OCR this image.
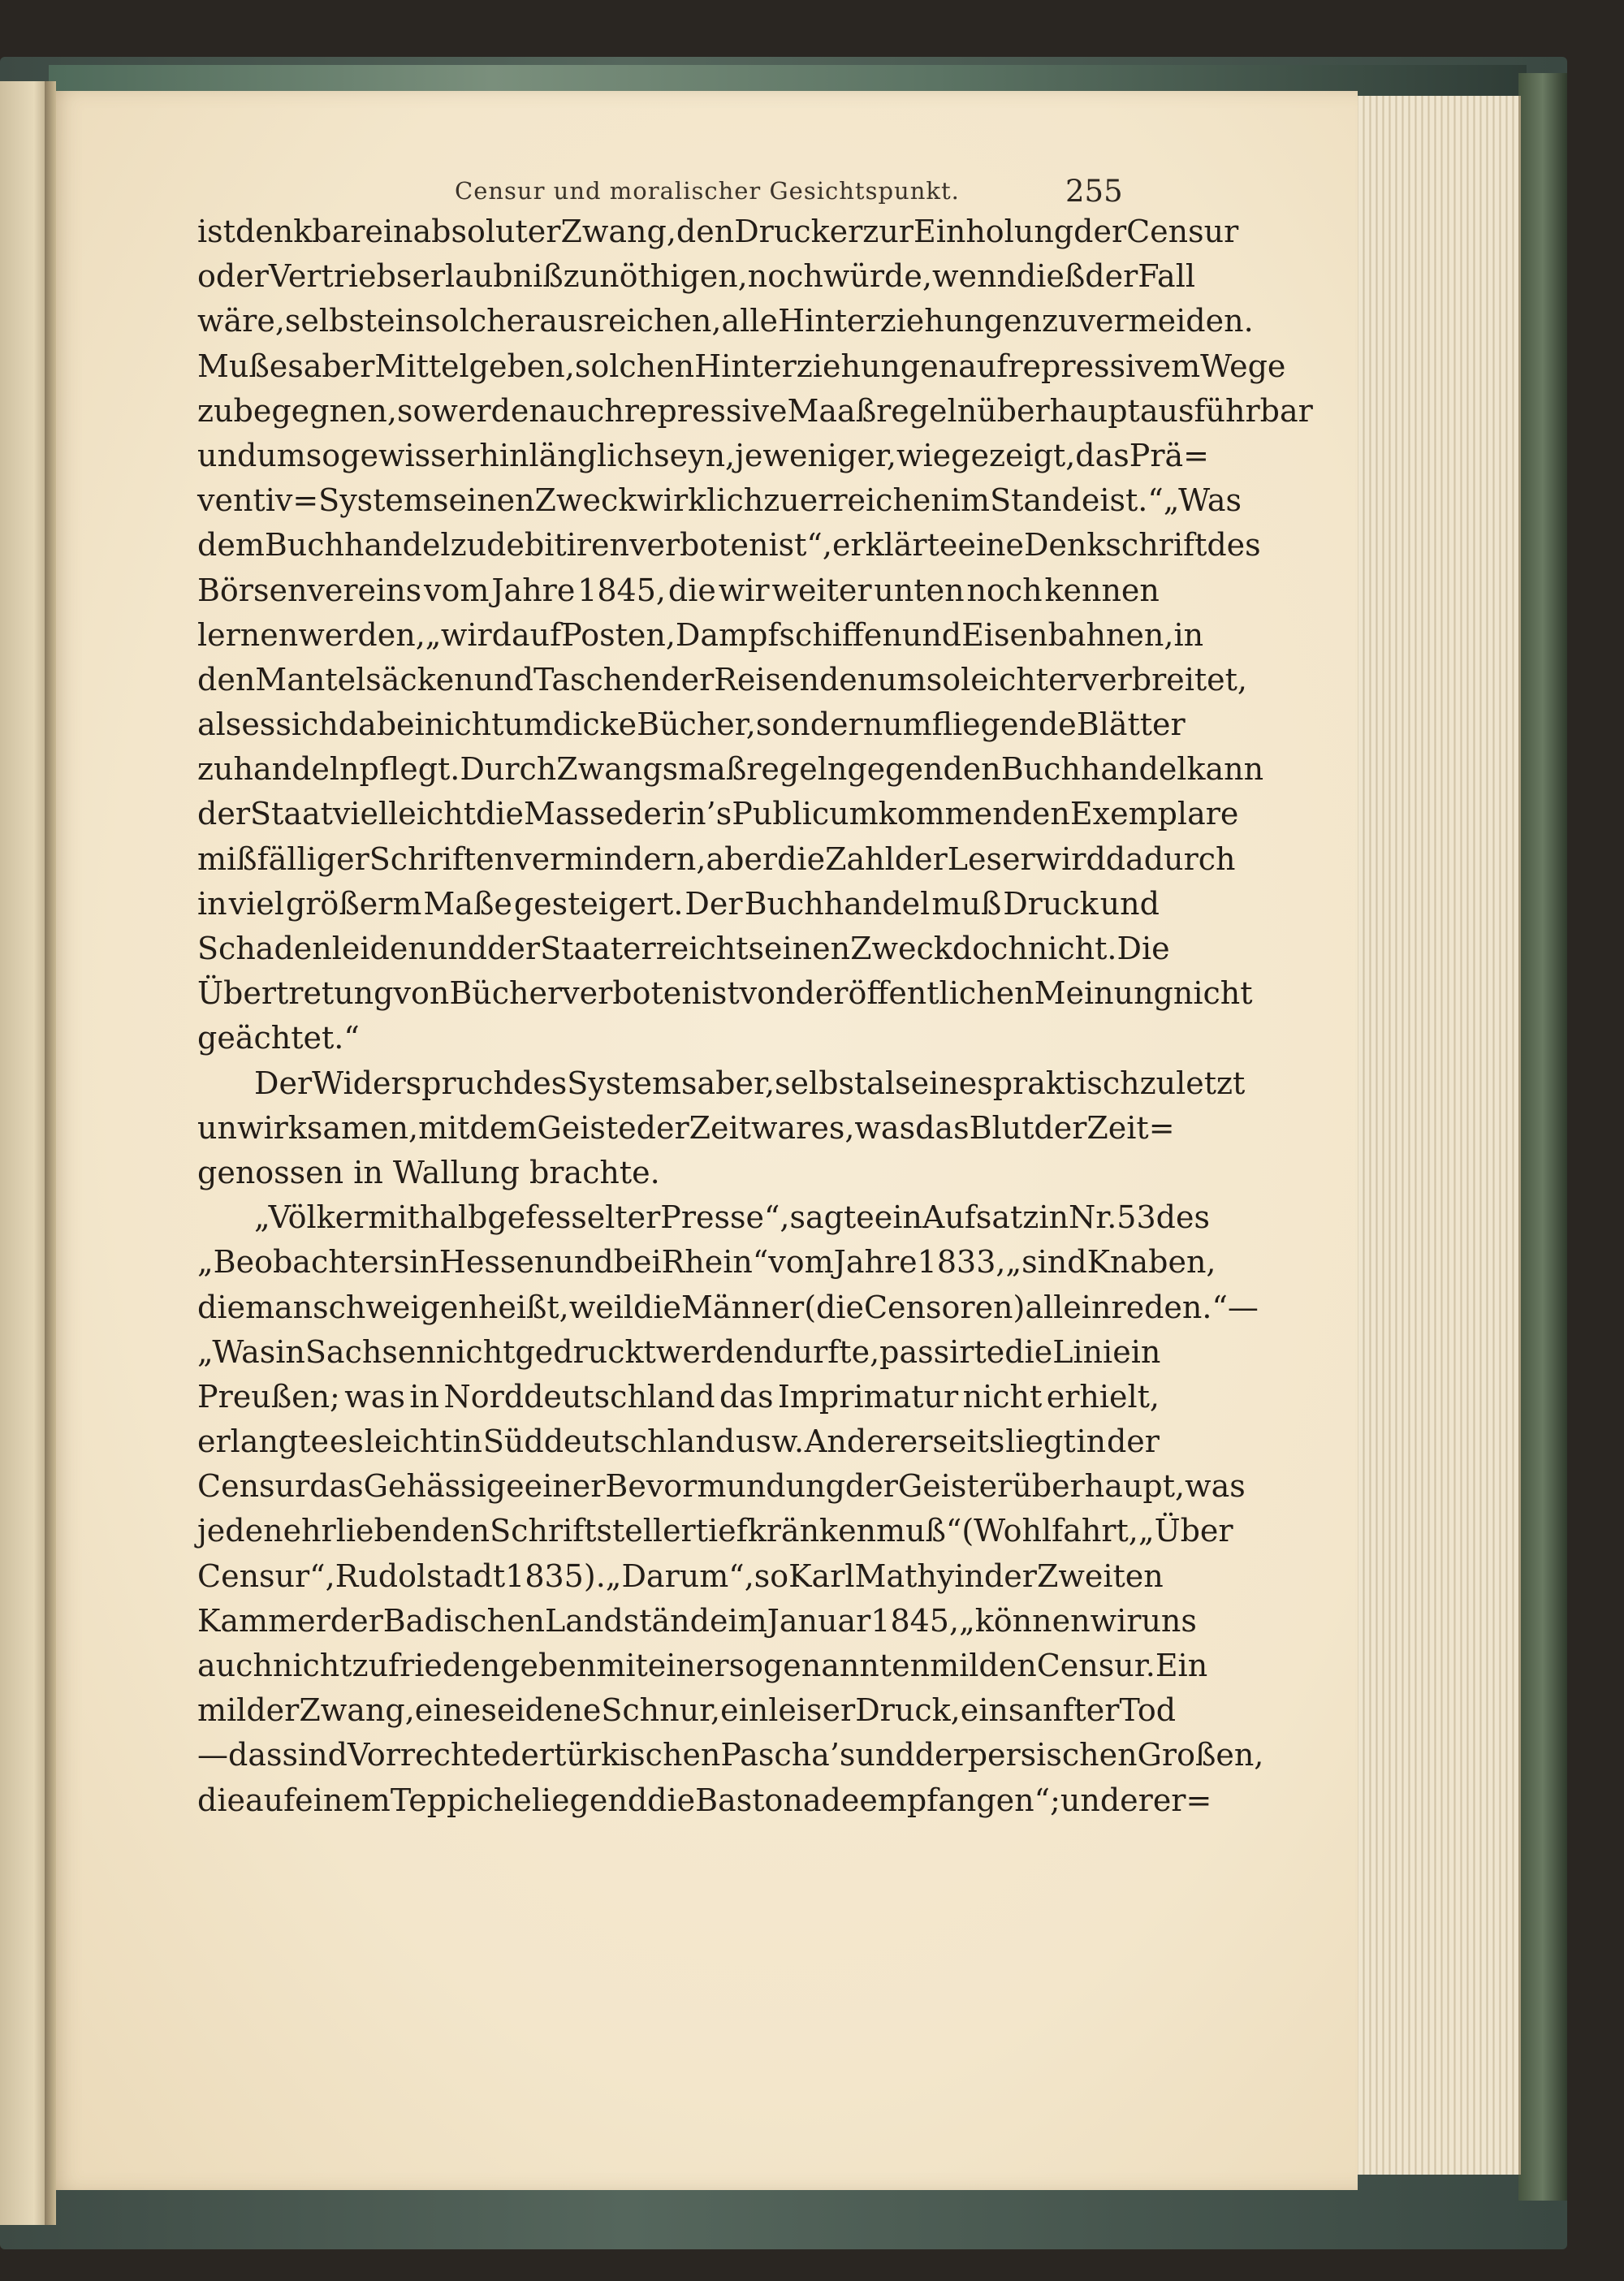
Censur und moralischer Gesichtspunkt.	255
ist denkbar ein absoluter Zwang, den Drucker zur Einholung der Censur
oder Vertriebserlaubniß zu nöthigen, noch würde, wenn dieß der Fall
wäre, selbst ein solcher ausreichen, alle Hinterziehungen zu vermeiden.
Muß es aber Mittel geben, solchen Hinterziehungen auf repressivem Wege
zu begegnen, so werden auch repressive Maaßregeln überhaupt ausführbar
und um so gewisser hinlänglich seyn, je weniger, wie gezeigt, das Prä=
ventiv=System seinen Zweck wirklich zu erreichen im Stande ist.“ „Was
dem Buchhandel zu debitiren verboten ist“, erklärte eine Denkschrift des
Börsenvereins vom Jahre 1845, die wir weiter unten noch kennen
lernen werden, „wird auf Posten, Dampfschiffen und Eisenbahnen, in
den Mantelsäcken und Taschen der Reisenden um so leichter verbreitet,
als es sich dabei nicht um dicke Bücher, sondern um fliegende Blätter
zu handeln pflegt. Durch Zwangsmaßregeln gegen den Buchhandel kann
der Staat vielleicht die Masse der in’s Publicum kommenden Exemplare
mißfälliger Schriften vermindern, aber die Zahl der Leser wird dadurch
in viel größerm Maße gesteigert. Der Buchhandel muß Druck und
Schaden leiden und der Staat erreicht seinen Zweck doch nicht. Die
Übertretung von Bücherverboten ist von der öffentlichen Meinung nicht
geächtet.“
Der Widerspruch des Systems aber, selbst als eines praktisch zuletzt
unwirksamen, mit dem Geiste der Zeit war es, was das Blut der Zeit=
genossen in Wallung brachte.
„Völker mit halbgefesselter Presse“, sagte ein Aufsatz in Nr. 53 des
„Beobachters in Hessen und bei Rhein“ vom Jahre 1833, „sind Knaben,
die man schweigen heißt, weil die Männer (die Censoren) allein reden.“ —
„Was in Sachsen nicht gedruckt werden durfte, passirte die Linie in
Preußen; was in Norddeutschland das Imprimatur nicht erhielt,
erlangte es leicht in Süddeutschland usw. Andererseits liegt in der
Censur das Gehässige einer Bevormundung der Geister überhaupt, was
jeden ehrliebenden Schriftsteller tief kränken muß“ (Wohlfahrt, „Über
Censur“, Rudolstadt 1835). „Darum“, so Karl Mathy in der Zweiten
Kammer der Badischen Landstände im Januar 1845, „können wir uns
auch nicht zufrieden geben mit einer sogenannten milden Censur. Ein
milder Zwang, eine seidene Schnur, ein leiser Druck, ein sanfter Tod
— das sind Vorrechte der türkischen Pascha’s und der persischen Großen,
die auf einem Teppiche liegend die Bastonade empfangen“; und er er=
